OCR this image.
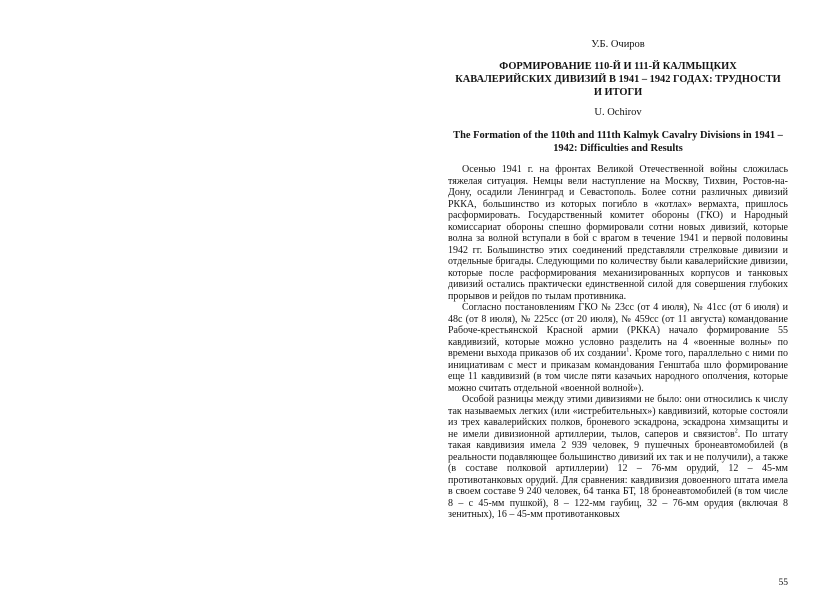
У.Б. Очиров
ФОРМИРОВАНИЕ 110-Й И 111-Й КАЛМЫЦКИХ КАВАЛЕРИЙСКИХ ДИВИЗИЙ В 1941 – 1942 ГОДАХ: ТРУДНОСТИ И ИТОГИ
U. Ochirov
The Formation of the 110th and 111th Kalmyk Cavalry Divisions in 1941 – 1942: Difficulties and Results

Осенью 1941 г. на фронтах Великой Отечественной войны сложилась тяжелая ситуация. Немцы вели наступление на Москву, Тихвин, Ростов-на-Дону, осадили Ленинград и Севастополь. Более сотни различных дивизий РККА, большинство из которых погибло в «котлах» вермахта, пришлось расформировать. Государственный комитет обороны (ГКО) и Народный комиссариат обороны спешно формировали сотни новых дивизий, которые волна за волной вступали в бой с врагом в течение 1941 и первой половины 1942 гг. Большинство этих соединений представляли стрелковые дивизии и отдельные бригады. Следующими по количеству были кавалерийские дивизии, которые после расформирования механизированных корпусов и танковых дивизий остались практически единственной силой для совершения глубоких прорывов и рейдов по тылам противника.

Согласно постановлениям ГКО № 23сс (от 4 июля), № 41сс (от 6 июля) и 48с (от 8 июля), № 225сс (от 20 июля), № 459сс (от 11 августа) командование Рабоче-крестьянской Красной армии (РККА) начало формирование 55 кавдивизий, которые можно условно разделить на 4 «военные волны» по времени выхода приказов об их создании$^1$. Кроме того, параллельно с ними по инициативам с мест и приказам командования Генштаба шло формирование еще 11 кавдивизий (в том числе пяти казачьих народного ополчения, которые можно считать отдельной «военной волной»).

Особой разницы между этими дивизиями не было: они относились к числу так называемых легких (или «истребительных») кавдивизий, которые состояли из трех кавалерийских полков, броневого эскадрона, эскадрона химзащиты и не имели дивизионной артиллерии, тылов, саперов и связистов$^2$. По штату такая кавдивизия имела 2 939 человек, 9 пушечных бронеавтомобилей (в реальности подавляющее большинство дивизий их так и не получили), а также (в составе полковой артиллерии) 12 – 76-мм орудий, 12 – 45-мм противотанковых орудий. Для сравнения: кавдивизия довоенного штата имела в своем составе 9 240 человек, 64 танка БТ, 18 бронеавтомобилей (в том числе 8 – с 45-мм пушкой), 8 – 122-мм гаубиц, 32 – 76-мм орудия (включая 8 зенитных), 16 – 45-мм противотанковых

55
